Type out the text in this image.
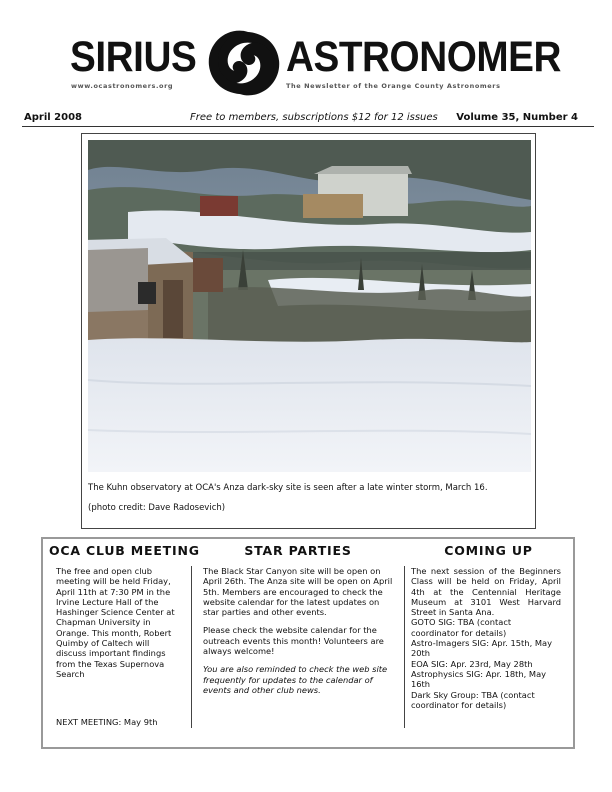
SIRIUS ASTRONOMER
www.ocastronomers.org	The Newsletter of the Orange County Astronomers
April 2008	Free to members, subscriptions $12 for 12 issues Volume 35, Number 4
The Kuhn observatory at OCA's Anza dark-sky site is seen after a late winter storm, March 16.
(photo credit: Dave Radosevich)
OCA CLUB MEETING

The free and open club meeting will be held Friday, April 11th at 7:30 PM in the Irvine Lecture Hall of the Hashinger Science Center at Chapman University in Orange. This month, Robert Quimby of Caltech will discuss important findings from the Texas Supernova Search

NEXT MEETING: May 9th

STAR PARTIES

The Black Star Canyon site will be open on April 26th. The Anza site will be open on April 5th. Members are encouraged to check the website calendar for the latest updates on star parties and other events.

Please check the website calendar for the outreach events this month! Volunteers are always welcome!

You are also reminded to check the web site frequently for updates to the calendar of events and other club news.

COMING UP

The next session of the Beginners Class will be held on Friday, April 4th at the Centennial Heritage Museum at 3101 West Harvard Street in Santa Ana.

GOTO SIG: TBA (contact coordinator for details)

Astro-Imagers SIG: Apr. 15th, May 20th

EOA SIG: Apr. 23rd, May 28th

Astrophysics SIG: Apr. 18th, May 16th

Dark Sky Group: TBA (contact coordinator for details)
